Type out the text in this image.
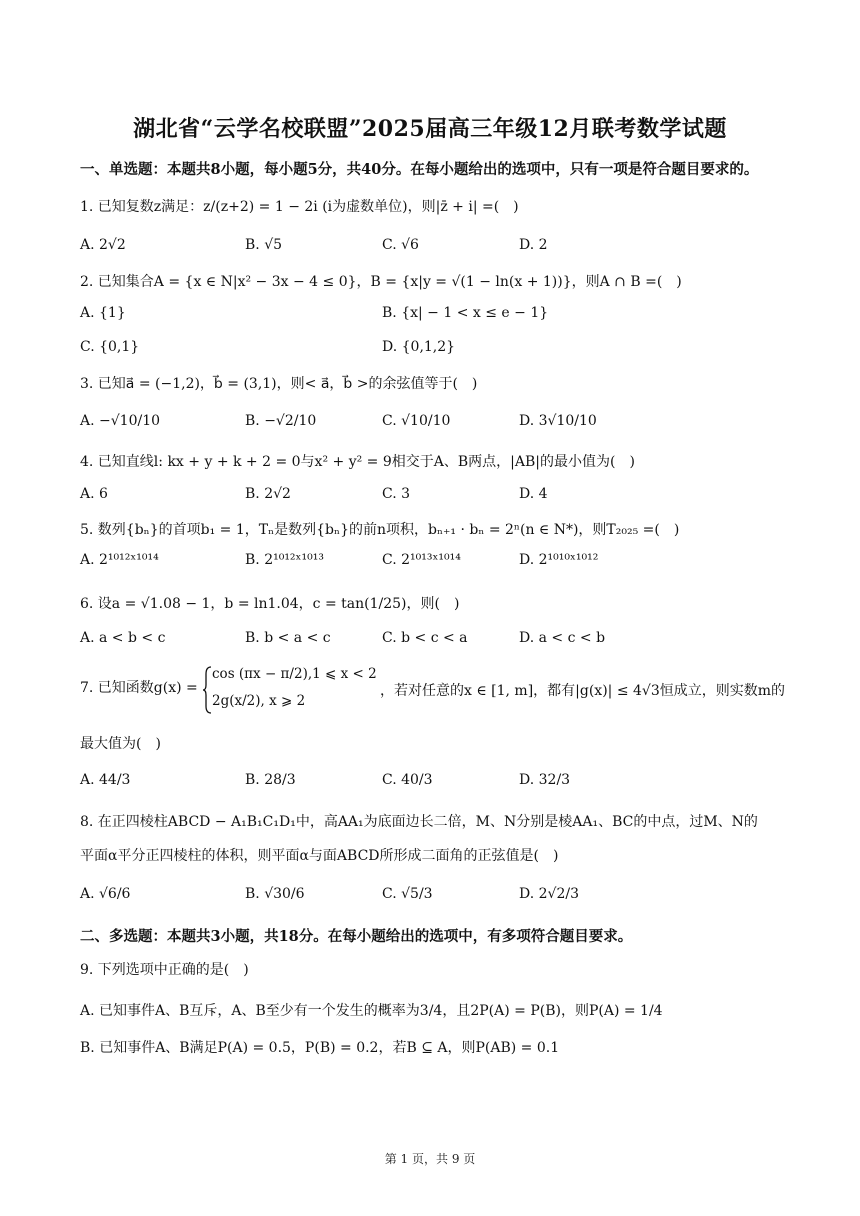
湖北省“云学名校联盟”2025届高三年级12月联考数学试题
一、单选题：本题共8小题，每小题5分，共40分。在每小题给出的选项中，只有一项是符合题目要求的。
1. 已知复数z满足：z/(z+2) = 1 − 2i (i为虚数单位)，则|z̄ + i| =(　)
A. 2√2	B. √5	C. √6	D. 2
2. 已知集合A = {x ∈ N|x² − 3x − 4 ≤ 0}，B = {x|y = √(1 − ln(x + 1))}，则A ∩ B =(　)
A. {1}	B. {x| − 1 < x ≤ e − 1}
C. {0,1}	D. {0,1,2}
3. 已知a⃗ = (−1,2)，b⃗ = (3,1)，则< a⃗，b⃗ >的余弦值等于(　)
A. −√10/10	B. −√2/10	C. √10/10	D. 3√10/10
4. 已知直线l: kx + y + k + 2 = 0与x² + y² = 9相交于A、B两点，|AB|的最小值为(　)
A. 6	B. 2√2	C. 3	D. 4
5. 数列{bₙ}的首项b₁ = 1，Tₙ是数列{bₙ}的前n项积，bₙ₊₁ · bₙ = 2ⁿ(n ∈ N*)，则T₂₀₂₅ =(　)
A. 2¹⁰¹²ˣ¹⁰¹⁴	B. 2¹⁰¹²ˣ¹⁰¹³	C. 2¹⁰¹³ˣ¹⁰¹⁴	D. 2¹⁰¹⁰ˣ¹⁰¹²
6. 设a = √1.08 − 1，b = ln1.04，c = tan(1/25)，则(　)
A. a < b < c	B. b < a < c	C. b < c < a	D. a < c < b
7. 已知函数g(x) =
cos (πx − π/2),1 ⩽ x < 2
2g(x/2), x ⩾ 2
，若对任意的x ∈ [1, m]，都有|g(x)| ≤ 4√3恒成立，则实数m的
最大值为(　)
A. 44/3	B. 28/3	C. 40/3	D. 32/3
8. 在正四棱柱ABCD − A₁B₁C₁D₁中，高AA₁为底面边长二倍，M、N分别是棱AA₁、BC的中点，过M、N的
平面α平分正四棱柱的体积，则平面α与面ABCD所形成二面角的正弦值是(　)
A. √6/6	B. √30/6	C. √5/3	D. 2√2/3
二、多选题：本题共3小题，共18分。在每小题给出的选项中，有多项符合题目要求。
9. 下列选项中正确的是(　)
A. 已知事件A、B互斥，A、B至少有一个发生的概率为3/4，且2P(A) = P(B)，则P(A) = 1/4
B. 已知事件A、B满足P(A) = 0.5，P(B) = 0.2，若B ⊆ A，则P(AB) = 0.1
第 1 页，共 9 页
